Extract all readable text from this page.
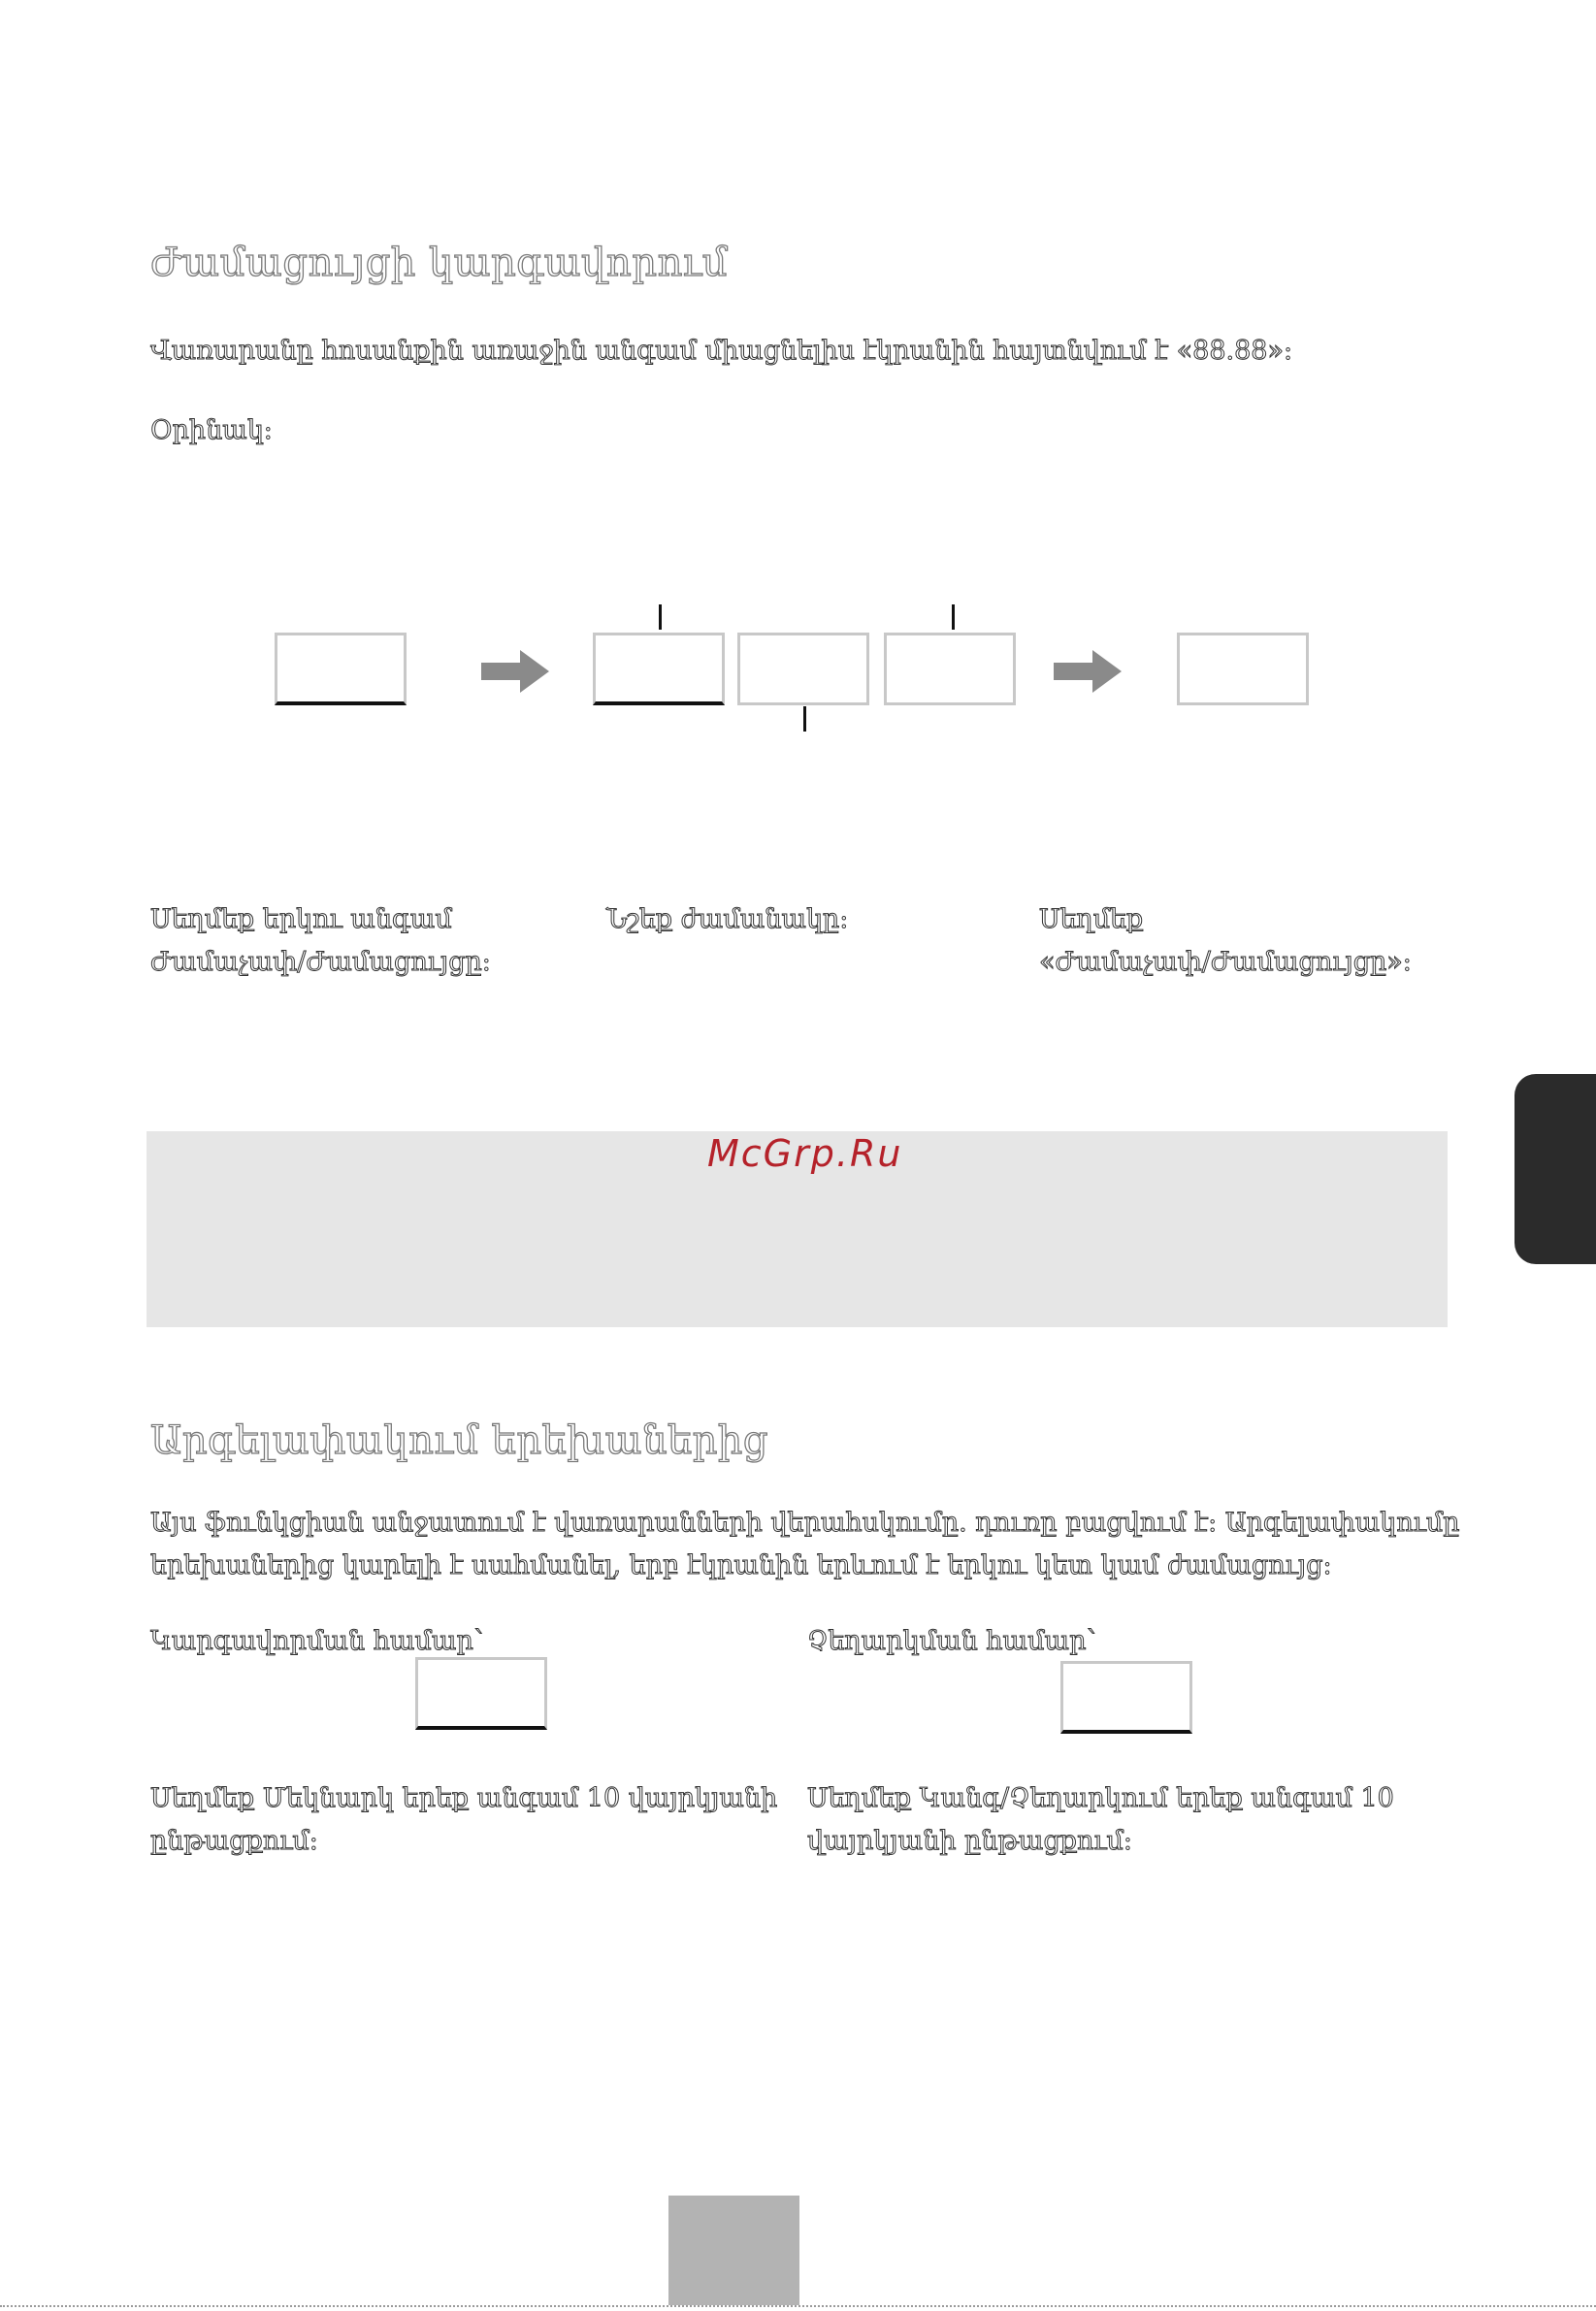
Ժամացույցի կարգավորում
Վառարանը հոսանքին առաջին անգամ միացնելիս էկրանին հայտնվում է «88.88»:
Օրինակ:
Սեղմեք երկու անգամ
Ժամաչափ/Ժամացույցը:
Նշեք ժամանակը:	Սեղմեք
«Ժամաչափ/Ժամացույցը»:
McGrp.Ru
Արգելափակում երեխաներից
Այս ֆունկցիան անջատում է վառարանների վերահսկումը. դուռը բացվում է: Արգելափակումը
երեխաներից կարելի է սահմանել, երբ էկրանին երևում է երկու կետ կամ ժամացույց:
Կարգավորման համար՝	Չեղարկման համար՝
Սեղմեք Մեկնարկ երեք անգամ 10 վայրկյանի
ընթացքում:
Սեղմեք Կանգ/Չեղարկում երեք անգամ 10
վայրկյանի ընթացքում:
